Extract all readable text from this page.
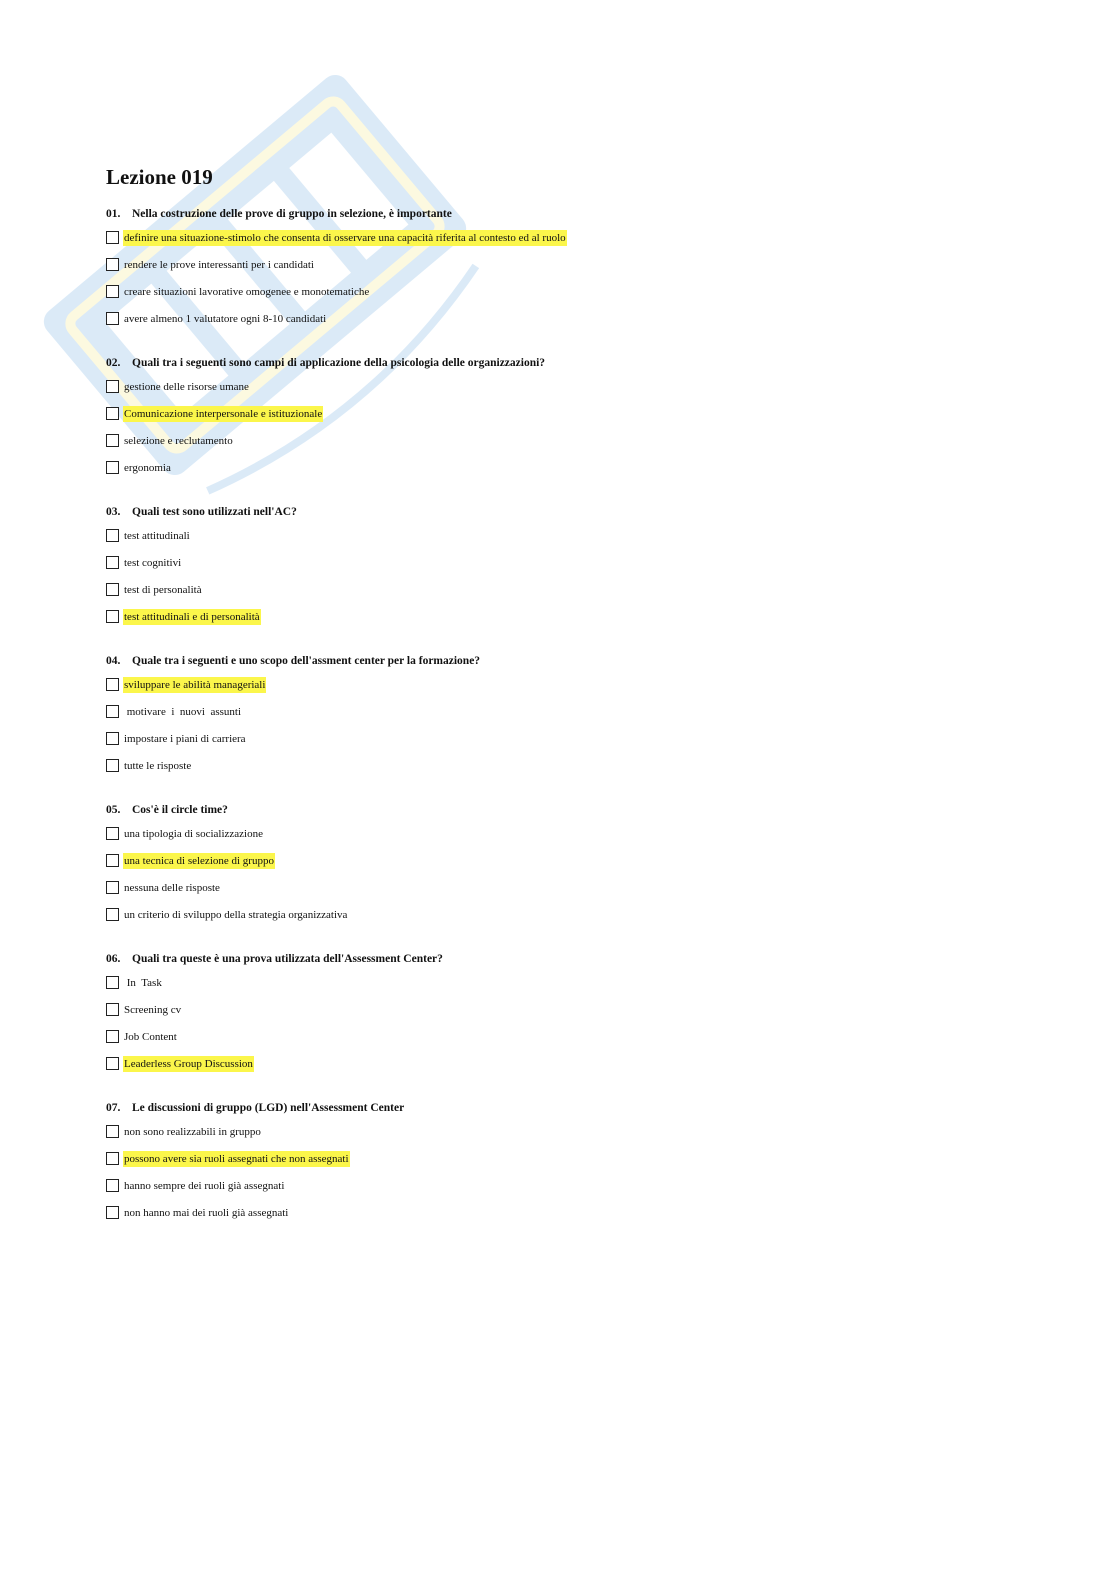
Lezione 019
01. Nella costruzione delle prove di gruppo in selezione, è importante
definire una situazione-stimolo che consenta di osservare una capacità riferita al contesto ed al ruolo
rendere le prove interessanti per i candidati
creare situazioni lavorative omogenee e monotematiche
avere almeno 1 valutatore ogni 8-10 candidati
02. Quali tra i seguenti sono campi di applicazione della psicologia delle organizzazioni?
gestione delle risorse umane
Comunicazione interpersonale e istituzionale
selezione e reclutamento
ergonomia
03. Quali test sono utilizzati nell'AC?
test attitudinali
test cognitivi
test di personalità
test attitudinali e di personalità
04. Quale tra i seguenti e uno scopo dell'assment center per la formazione?
sviluppare le abilità manageriali
motivare  i  nuovi  assunti
impostare i piani di carriera
tutte le risposte
05. Cos'è il circle time?
una tipologia di socializzazione
una tecnica di selezione di gruppo
nessuna delle risposte
un criterio di sviluppo della strategia organizzativa
06. Quali tra queste è una prova utilizzata dell'Assessment Center?
In  Task
Screening cv
Job Content
Leaderless Group Discussion
07. Le discussioni di gruppo (LGD) nell'Assessment Center
non sono realizzabili in gruppo
possono avere sia ruoli assegnati che non assegnati
hanno sempre dei ruoli già assegnati
non hanno mai dei ruoli già assegnati
